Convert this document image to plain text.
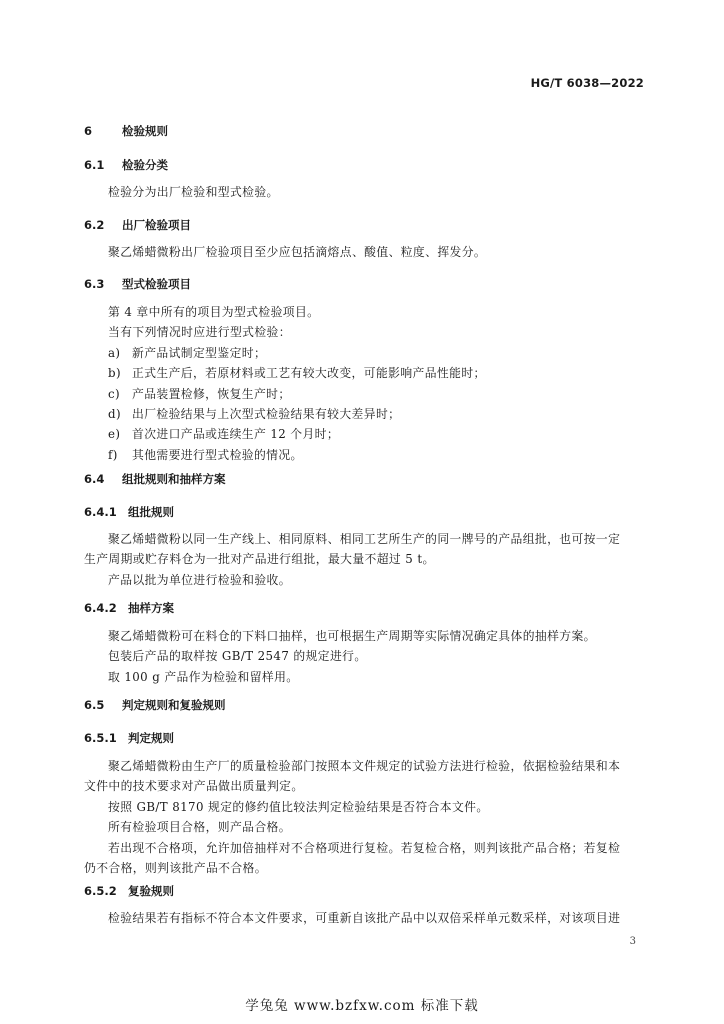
HG/T 6038—2022
6	检验规则
6.1 检验分类
检验分为出厂检验和型式检验。
6.2 出厂检验项目
聚乙烯蜡微粉出厂检验项目至少应包括滴熔点、酸值、粒度、挥发分。
6.3 型式检验项目
第 4 章中所有的项目为型式检验项目。
当有下列情况时应进行型式检验：
a) 新产品试制定型鉴定时；
b) 正式生产后，若原材料或工艺有较大改变，可能影响产品性能时；
c) 产品装置检修，恢复生产时；
d) 出厂检验结果与上次型式检验结果有较大差异时；
e) 首次进口产品或连续生产 12 个月时；
f) 其他需要进行型式检验的情况。
6.4 组批规则和抽样方案
6.4.1 组批规则
聚乙烯蜡微粉以同一生产线上、相同原料、相同工艺所生产的同一牌号的产品组批，也可按一定
生产周期或贮存料仓为一批对产品进行组批，最大量不超过 5 t。
产品以批为单位进行检验和验收。
6.4.2 抽样方案
聚乙烯蜡微粉可在料仓的下料口抽样，也可根据生产周期等实际情况确定具体的抽样方案。
包装后产品的取样按 GB/T 2547 的规定进行。
取 100 g 产品作为检验和留样用。
6.5 判定规则和复验规则
6.5.1 判定规则
聚乙烯蜡微粉由生产厂的质量检验部门按照本文件规定的试验方法进行检验，依据检验结果和本
文件中的技术要求对产品做出质量判定。
按照 GB/T 8170 规定的修约值比较法判定检验结果是否符合本文件。
所有检验项目合格，则产品合格。
若出现不合格项，允许加倍抽样对不合格项进行复检。若复检合格，则判该批产品合格；若复检
仍不合格，则判该批产品不合格。
6.5.2 复验规则
检验结果若有指标不符合本文件要求，可重新自该批产品中以双倍采样单元数采样，对该项目进
3
学兔兔 www.bzfxw.com 标准下载
